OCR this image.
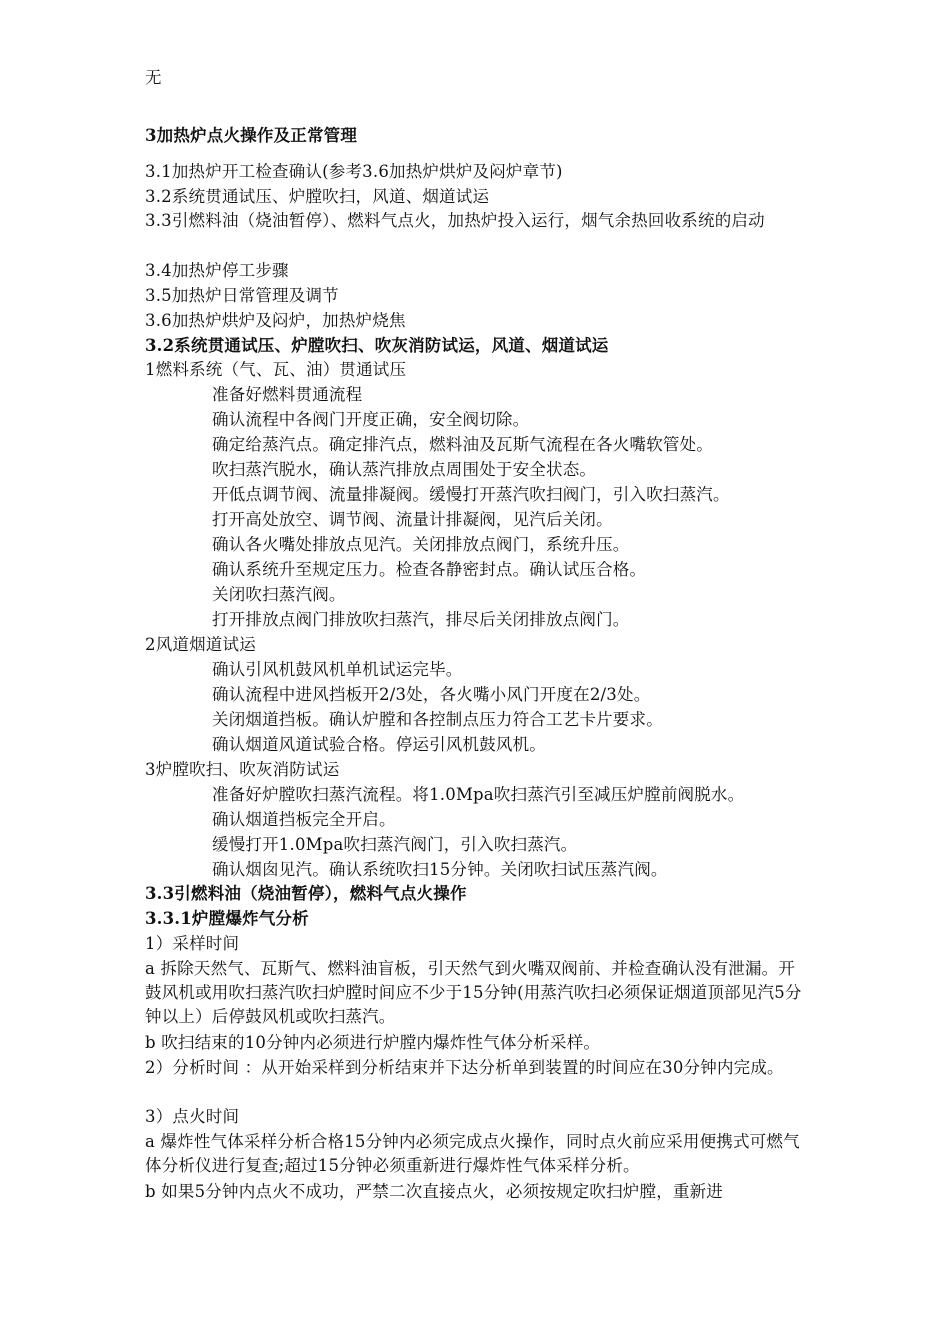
无
3加热炉点火操作及正常管理
3.1加热炉开工检查确认(参考3.6加热炉烘炉及闷炉章节)
3.2系统贯通试压、炉膛吹扫，风道、烟道试运
3.3引燃料油（烧油暂停）、燃料气点火，加热炉投入运行，烟气余热回收系统的启动
3.4加热炉停工步骤
3.5加热炉日常管理及调节
3.6加热炉烘炉及闷炉，加热炉烧焦
3.2系统贯通试压、炉膛吹扫、吹灰消防试运，风道、烟道试运
1燃料系统（气、瓦、油）贯通试压
准备好燃料贯通流程
确认流程中各阀门开度正确，安全阀切除。
确定给蒸汽点。确定排汽点，燃料油及瓦斯气流程在各火嘴软管处。
吹扫蒸汽脱水，确认蒸汽排放点周围处于安全状态。
开低点调节阀、流量排凝阀。缓慢打开蒸汽吹扫阀门，引入吹扫蒸汽。
打开高处放空、调节阀、流量计排凝阀，见汽后关闭。
确认各火嘴处排放点见汽。关闭排放点阀门，系统升压。
确认系统升至规定压力。检查各静密封点。确认试压合格。
关闭吹扫蒸汽阀。
打开排放点阀门排放吹扫蒸汽，排尽后关闭排放点阀门。
2风道烟道试运
确认引风机鼓风机单机试运完毕。
确认流程中进风挡板开2/3处，各火嘴小风门开度在2/3处。
关闭烟道挡板。确认炉膛和各控制点压力符合工艺卡片要求。
确认烟道风道试验合格。停运引风机鼓风机。
3炉膛吹扫、吹灰消防试运
准备好炉膛吹扫蒸汽流程。将1.0Mpa吹扫蒸汽引至减压炉膛前阀脱水。
确认烟道挡板完全开启。
缓慢打开1.0Mpa吹扫蒸汽阀门，引入吹扫蒸汽。
确认烟囱见汽。确认系统吹扫15分钟。关闭吹扫试压蒸汽阀。
3.3引燃料油（烧油暂停），燃料气点火操作
3.3.1炉膛爆炸气分析
1）采样时间
a 拆除天然气、瓦斯气、燃料油盲板，引天然气到火嘴双阀前、并检查确认没有泄漏。开鼓风机或用吹扫蒸汽吹扫炉膛时间应不少于15分钟(用蒸汽吹扫必须保证烟道顶部见汽5分钟以上）后停鼓风机或吹扫蒸汽。
b 吹扫结束的10分钟内必须进行炉膛内爆炸性气体分析采样。
2）分析时间 ：从开始采样到分析结束并下达分析单到装置的时间应在30分钟内完成。
3）点火时间
a 爆炸性气体采样分析合格15分钟内必须完成点火操作，同时点火前应采用便携式可燃气体分析仪进行复查;超过15分钟必须重新进行爆炸性气体采样分析。
b 如果5分钟内点火不成功，严禁二次直接点火，必须按规定吹扫炉膛，重新进
